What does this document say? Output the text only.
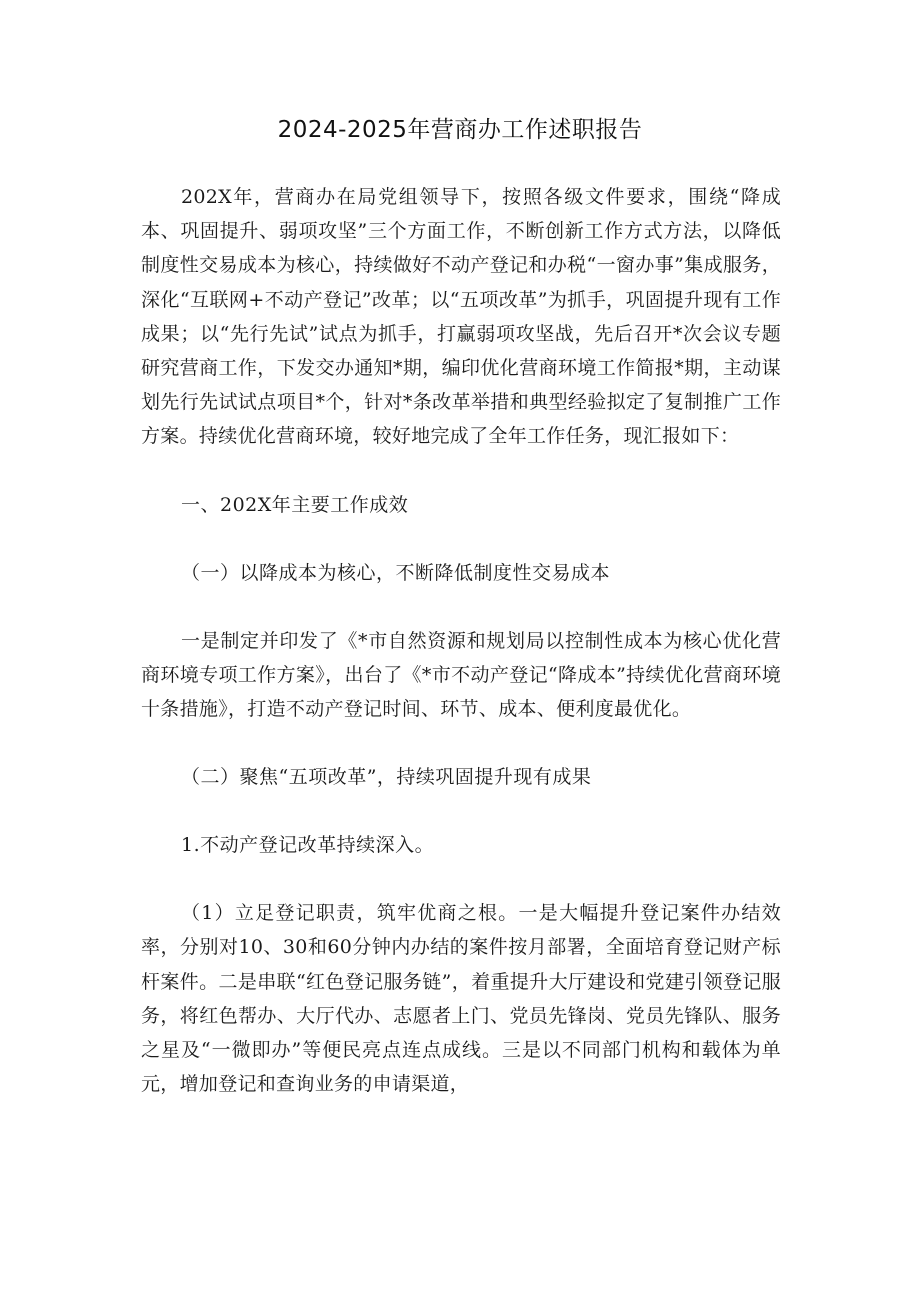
2024-2025年营商办工作述职报告

202X年，营商办在局党组领导下，按照各级文件要求，围绕“降成本、巩固提升、弱项攻坚”三个方面工作，不断创新工作方式方法，以降低制度性交易成本为核心，持续做好不动产登记和办税“一窗办事”集成服务，深化“互联网+不动产登记”改革；以“五项改革”为抓手，巩固提升现有工作成果；以“先行先试”试点为抓手，打赢弱项攻坚战，先后召开*次会议专题研究营商工作，下发交办通知*期，编印优化营商环境工作简报*期，主动谋划先行先试试点项目*个，针对*条改革举措和典型经验拟定了复制推广工作方案。持续优化营商环境，较好地完成了全年工作任务，现汇报如下：

一、202X年主要工作成效

（一）以降成本为核心，不断降低制度性交易成本

一是制定并印发了《*市自然资源和规划局以控制性成本为核心优化营商环境专项工作方案》，出台了《*市不动产登记“降成本”持续优化营商环境十条措施》，打造不动产登记时间、环节、成本、便利度最优化。

（二）聚焦“五项改革”，持续巩固提升现有成果

1.不动产登记改革持续深入。

（1）立足登记职责，筑牢优商之根。一是大幅提升登记案件办结效率，分别对10、30和60分钟内办结的案件按月部署，全面培育登记财产标杆案件。二是串联“红色登记服务链”，着重提升大厅建设和党建引领登记服务，将红色帮办、大厅代办、志愿者上门、党员先锋岗、党员先锋队、服务之星及“一微即办”等便民亮点连点成线。三是以不同部门机构和载体为单元，增加登记和查询业务的申请渠道，
